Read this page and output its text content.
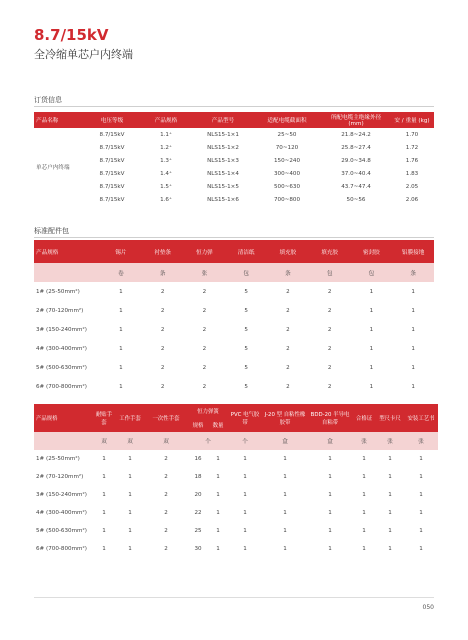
8.7/15kV
全冷缩单芯户内终端
订货信息
产品名称	电压等级	产品规格	产品型号	适配电缆截面积	所配电缆主绝缘外径 (mm)	安 / 重量 (kg)
单芯户内终端	8.7/15kV	1.1⁺	NLS15-1×1	25~50	21.8~24.2	1.70
	8.7/15kV	1.2⁺	NLS15-1×2	70~120	25.8~27.4	1.72
	8.7/15kV	1.3⁺	NLS15-1×3	150~240	29.0~34.8	1.76
	8.7/15kV	1.4⁺	NLS15-1×4	300~400	37.0~40.4	1.83
	8.7/15kV	1.5⁺	NLS15-1×5	500~630	43.7~47.4	2.05
	8.7/15kV	1.6⁺	NLS15-1×6	700~800	50~56	2.06
标准配件包
产品规格	锡片	衬垫条	恒力弹	清洁纸	填充胶	填充胶	密封胶	铝膜接地
	卷	条	张	包	条	包	包	条
1# (25-50mm²)	1	2	2	5	2	2	1	1
2# (70-120mm²)	1	2	2	5	2	2	1	1
3# (150-240mm²)	1	2	2	5	2	2	1	1
4# (300-400mm²)	1	2	2	5	2	2	1	1
5# (500-630mm²)	1	2	2	5	2	2	1	1
6# (700-800mm²)	1	2	2	5	2	2	1	1
产品规格	耐贴手套	工作手套	一次性手套	恒力弹簧		PVC 电气胶带	J-20 型 自粘性橡胶带	BDD-20 半导电自粘带	合格证	型尺卡尺	安装工艺书
				规格	数量						
	双	双	双	个		个	盒	盒	张	张	张
1# (25-50mm²)	1	1	2	16	1	1	1	1	1	1	1
2# (70-120mm²)	1	1	2	18	1	1	1	1	1	1	1
3# (150-240mm²)	1	1	2	20	1	1	1	1	1	1	1
4# (300-400mm²)	1	1	2	22	1	1	1	1	1	1	1
5# (500-630mm²)	1	1	2	25	1	1	1	1	1	1	1
6# (700-800mm²)	1	1	2	30	1	1	1	1	1	1	1
050
